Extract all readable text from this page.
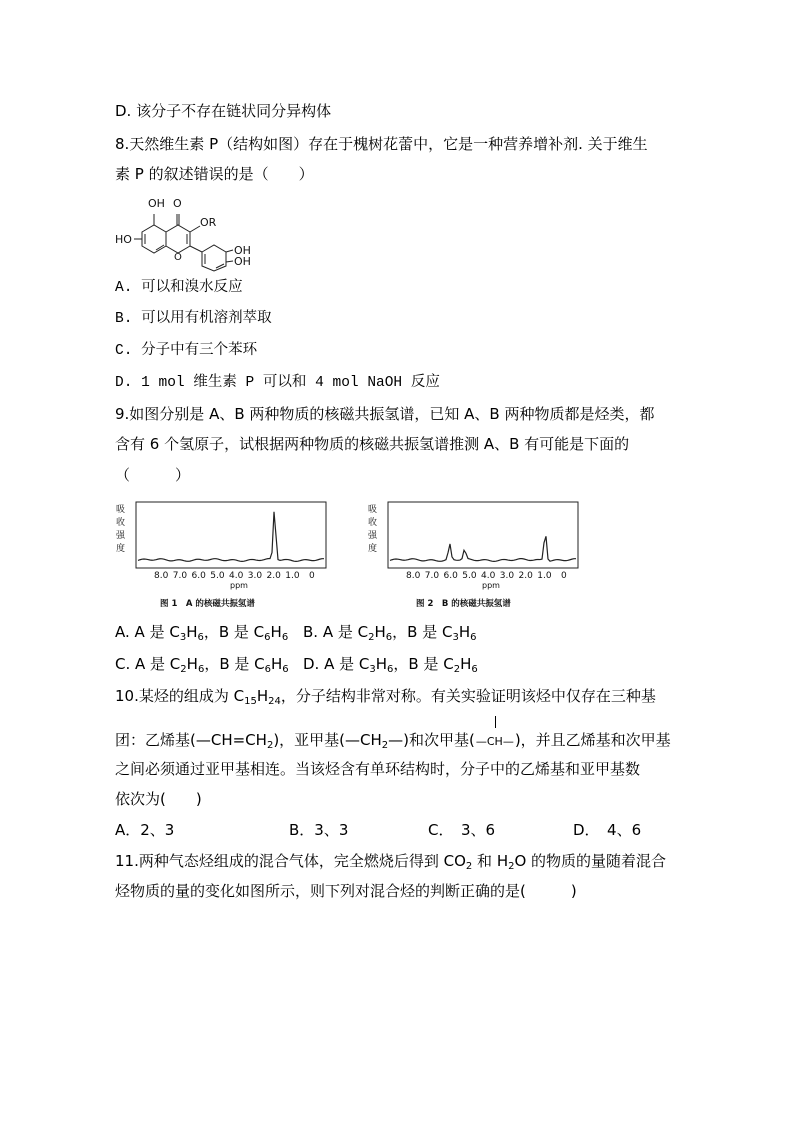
D. 该分子不存在链状同分异构体
8.天然维生素 P（结构如图）存在于槐树花蕾中，它是一种营养增补剂. 关于维生
素 P 的叙述错误的是（　　）
OH O
OR
HO
O
OH
OH
A. 可以和溴水反应
B. 可以用有机溶剂萃取
C. 分子中有三个苯环
D. 1 mol 维生素 P 可以和 4 mol NaOH 反应
9.如图分别是 A、B 两种物质的核磁共振氢谱，已知 A、B 两种物质都是烃类，都
含有 6 个氢原子，试根据两种物质的核磁共振氢谱推测 A、B 有可能是下面的
（　　　）
吸
收
强
度
8.0 7.0 6.0 5.0 4.0 3.0 2.0 1.0 0
ppm
图 1　A 的核磁共振氢谱
吸
收
强
度
8.0 7.0 6.0 5.0 4.0 3.0 2.0 1.0 0
ppm
图 2　B 的核磁共振氢谱
A. A 是 $C_3H_6$，B 是 $C_6H_6$ B. A 是 $C_2H_6$，B 是 $C_3H_6$
C. A 是 $C_2H_6$，B 是 $C_6H_6$ D. A 是 $C_3H_6$，B 是 $C_2H_6$
10.某烃的组成为 $C_{15}H_{24}$，分子结构非常对称。有关实验证明该烃中仅存在三种基
团：乙烯基$(—CH=CH_2)$，亚甲基$(—CH_2—)$和次甲基(
—CH—)，并且乙烯基和次甲基
之间必须通过亚甲基相连。当该烃含有单环结构时，分子中的乙烯基和亚甲基数
依次为(　　)
A．2、3	B．3、3	C．　3、6	D．　4、6
11.两种气态烃组成的混合气体，完全燃烧后得到 $CO_2$ 和 $H_2O$ 的物质的量随着混合
烃物质的量的变化如图所示，则下列对混合烃的判断正确的是(　　　)
